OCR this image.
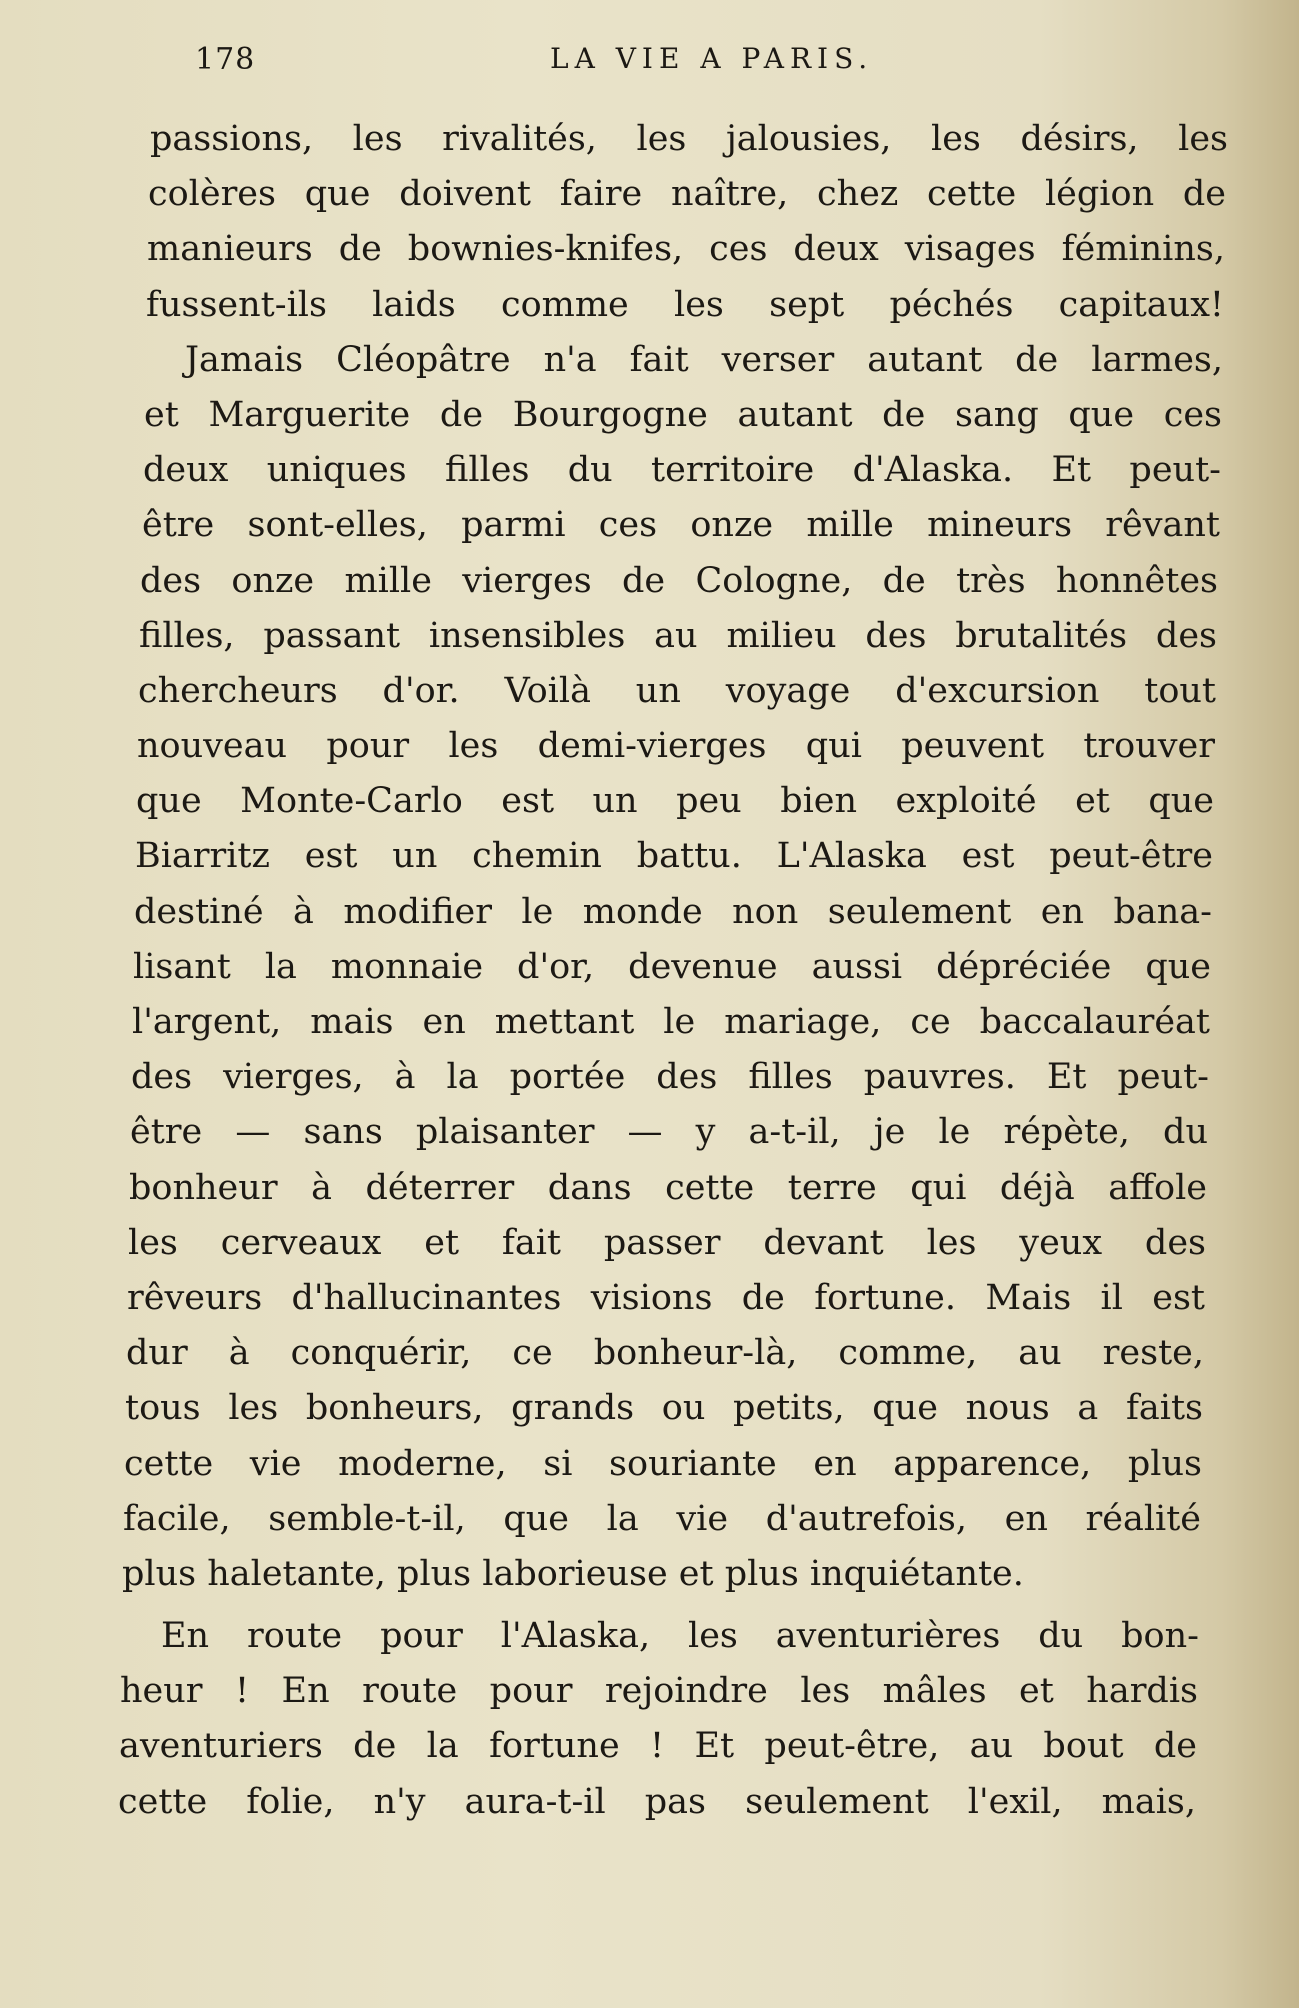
178	LA VIE A PARIS.
passions, les rivalités, les jalousies, les désirs, les
colères que doivent faire naître, chez cette légion de
manieurs de bownies-knifes, ces deux visages féminins,
fussent-ils laids comme les sept péchés capitaux!
Jamais Cléopâtre n'a fait verser autant de larmes,
et Marguerite de Bourgogne autant de sang que ces
deux uniques filles du territoire d'Alaska. Et peut-
être sont-elles, parmi ces onze mille mineurs rêvant
des onze mille vierges de Cologne, de très honnêtes
filles, passant insensibles au milieu des brutalités des
chercheurs d'or. Voilà un voyage d'excursion tout
nouveau pour les demi-vierges qui peuvent trouver
que Monte-Carlo est un peu bien exploité et que
Biarritz est un chemin battu. L'Alaska est peut-être
destiné à modifier le monde non seulement en bana-
lisant la monnaie d'or, devenue aussi dépréciée que
l'argent, mais en mettant le mariage, ce baccalauréat
des vierges, à la portée des filles pauvres. Et peut-
être — sans plaisanter — y a-t-il, je le répète, du
bonheur à déterrer dans cette terre qui déjà affole
les cerveaux et fait passer devant les yeux des
rêveurs d'hallucinantes visions de fortune. Mais il est
dur à conquérir, ce bonheur-là, comme, au reste,
tous les bonheurs, grands ou petits, que nous a faits
cette vie moderne, si souriante en apparence, plus
facile, semble-t-il, que la vie d'autrefois, en réalité
plus haletante, plus laborieuse et plus inquiétante.
En route pour l'Alaska, les aventurières du bon-
heur ! En route pour rejoindre les mâles et hardis
aventuriers de la fortune ! Et peut-être, au bout de
cette folie, n'y aura-t-il pas seulement l'exil, mais,
